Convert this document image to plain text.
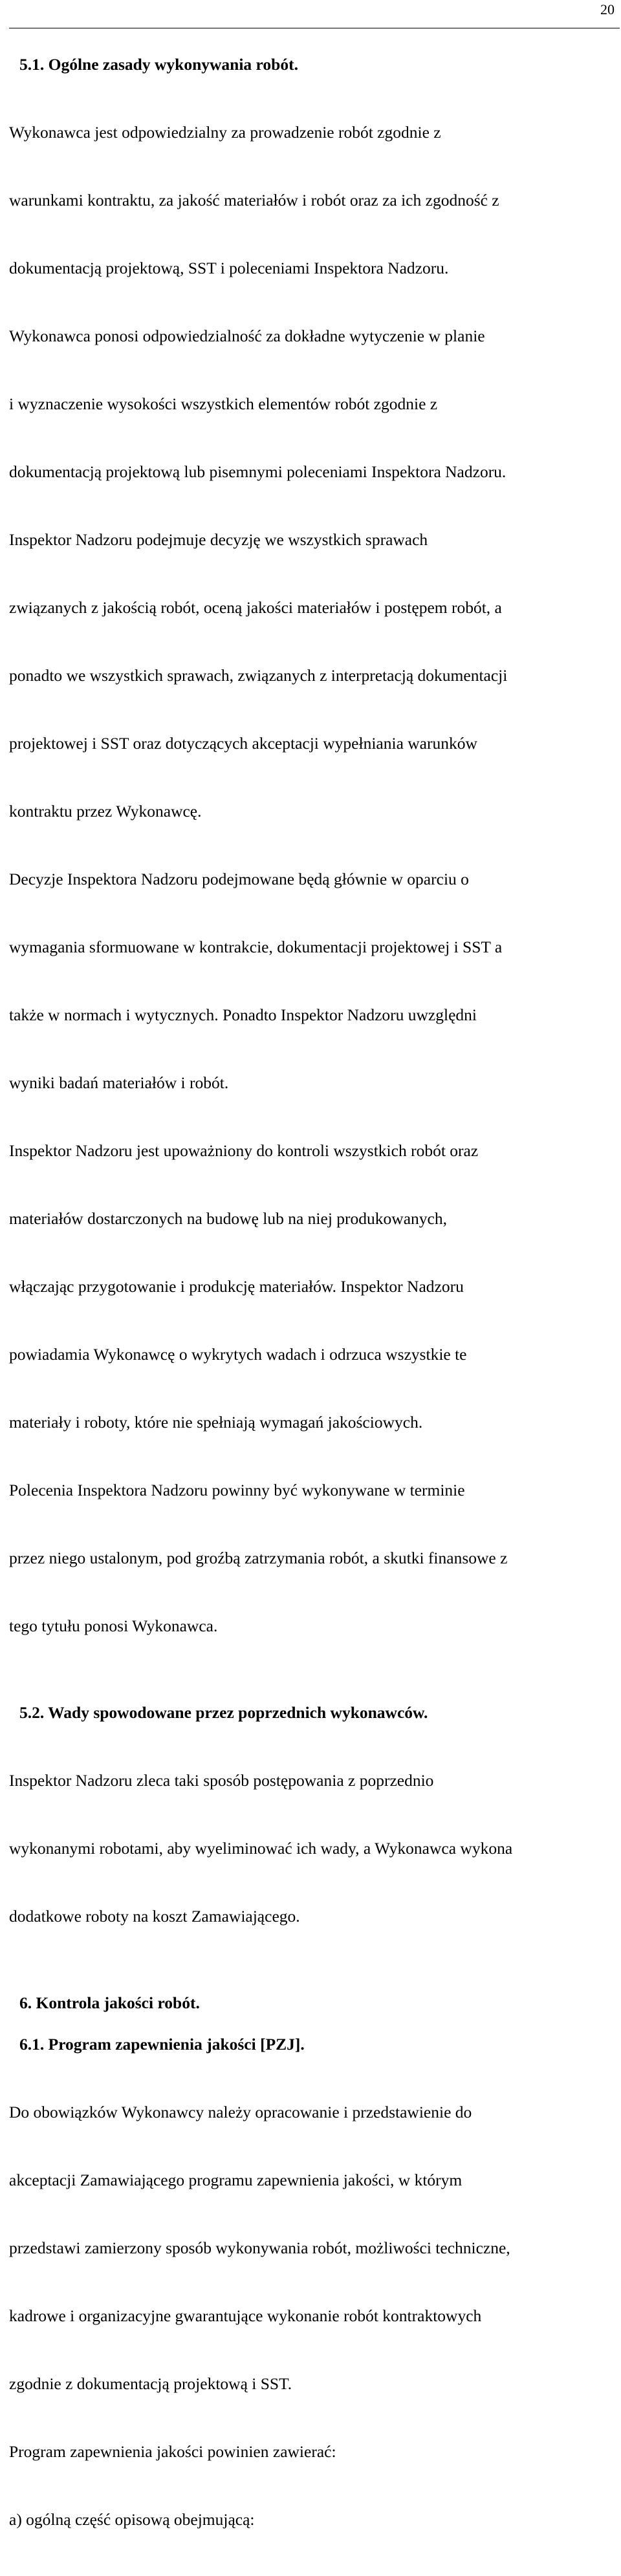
20
5.1. Ogólne zasady wykonywania robót.

Wykonawca jest odpowiedzialny za prowadzenie robót zgodnie z

warunkami kontraktu, za jakość materiałów i robót oraz za ich zgodność z

dokumentacją projektową, SST i poleceniami Inspektora Nadzoru.

Wykonawca ponosi odpowiedzialność za dokładne wytyczenie w planie

i wyznaczenie wysokości wszystkich elementów robót zgodnie z

dokumentacją projektową lub pisemnymi poleceniami Inspektora Nadzoru.

Inspektor Nadzoru podejmuje decyzję we wszystkich sprawach

związanych z jakością robót, oceną jakości materiałów i postępem robót, a

ponadto we wszystkich sprawach, związanych z interpretacją dokumentacji

projektowej i SST oraz dotyczących akceptacji wypełniania warunków

kontraktu przez Wykonawcę.

Decyzje Inspektora Nadzoru podejmowane będą głównie w oparciu o

wymagania sformuowane w kontrakcie, dokumentacji projektowej i SST a

także w normach i wytycznych. Ponadto Inspektor Nadzoru uwzględni

wyniki badań materiałów i robót.

Inspektor Nadzoru jest upoważniony do kontroli wszystkich robót oraz

materiałów dostarczonych na budowę lub na niej produkowanych,

włączając przygotowanie i produkcję materiałów. Inspektor Nadzoru

powiadamia Wykonawcę o wykrytych wadach i odrzuca wszystkie te

materiały i roboty, które nie spełniają wymagań jakościowych.

Polecenia Inspektora Nadzoru powinny być wykonywane w terminie

przez niego ustalonym, pod groźbą zatrzymania robót, a skutki finansowe z

tego tytułu ponosi Wykonawca.

5.2. Wady spowodowane przez poprzednich wykonawców.

Inspektor Nadzoru zleca taki sposób postępowania z poprzednio

wykonanymi robotami, aby wyeliminować ich wady, a Wykonawca wykona

dodatkowe roboty na koszt Zamawiającego.

6. Kontrola jakości robót.
6.1. Program zapewnienia jakości [PZJ].

Do obowiązków Wykonawcy należy opracowanie i przedstawienie do

akceptacji Zamawiającego programu zapewnienia jakości, w którym

przedstawi zamierzony sposób wykonywania robót, możliwości techniczne,

kadrowe i organizacyjne gwarantujące wykonanie robót kontraktowych

zgodnie z dokumentacją projektową i SST.

Program zapewnienia jakości powinien zawierać:

a) ogólną część opisową obejmującą:
